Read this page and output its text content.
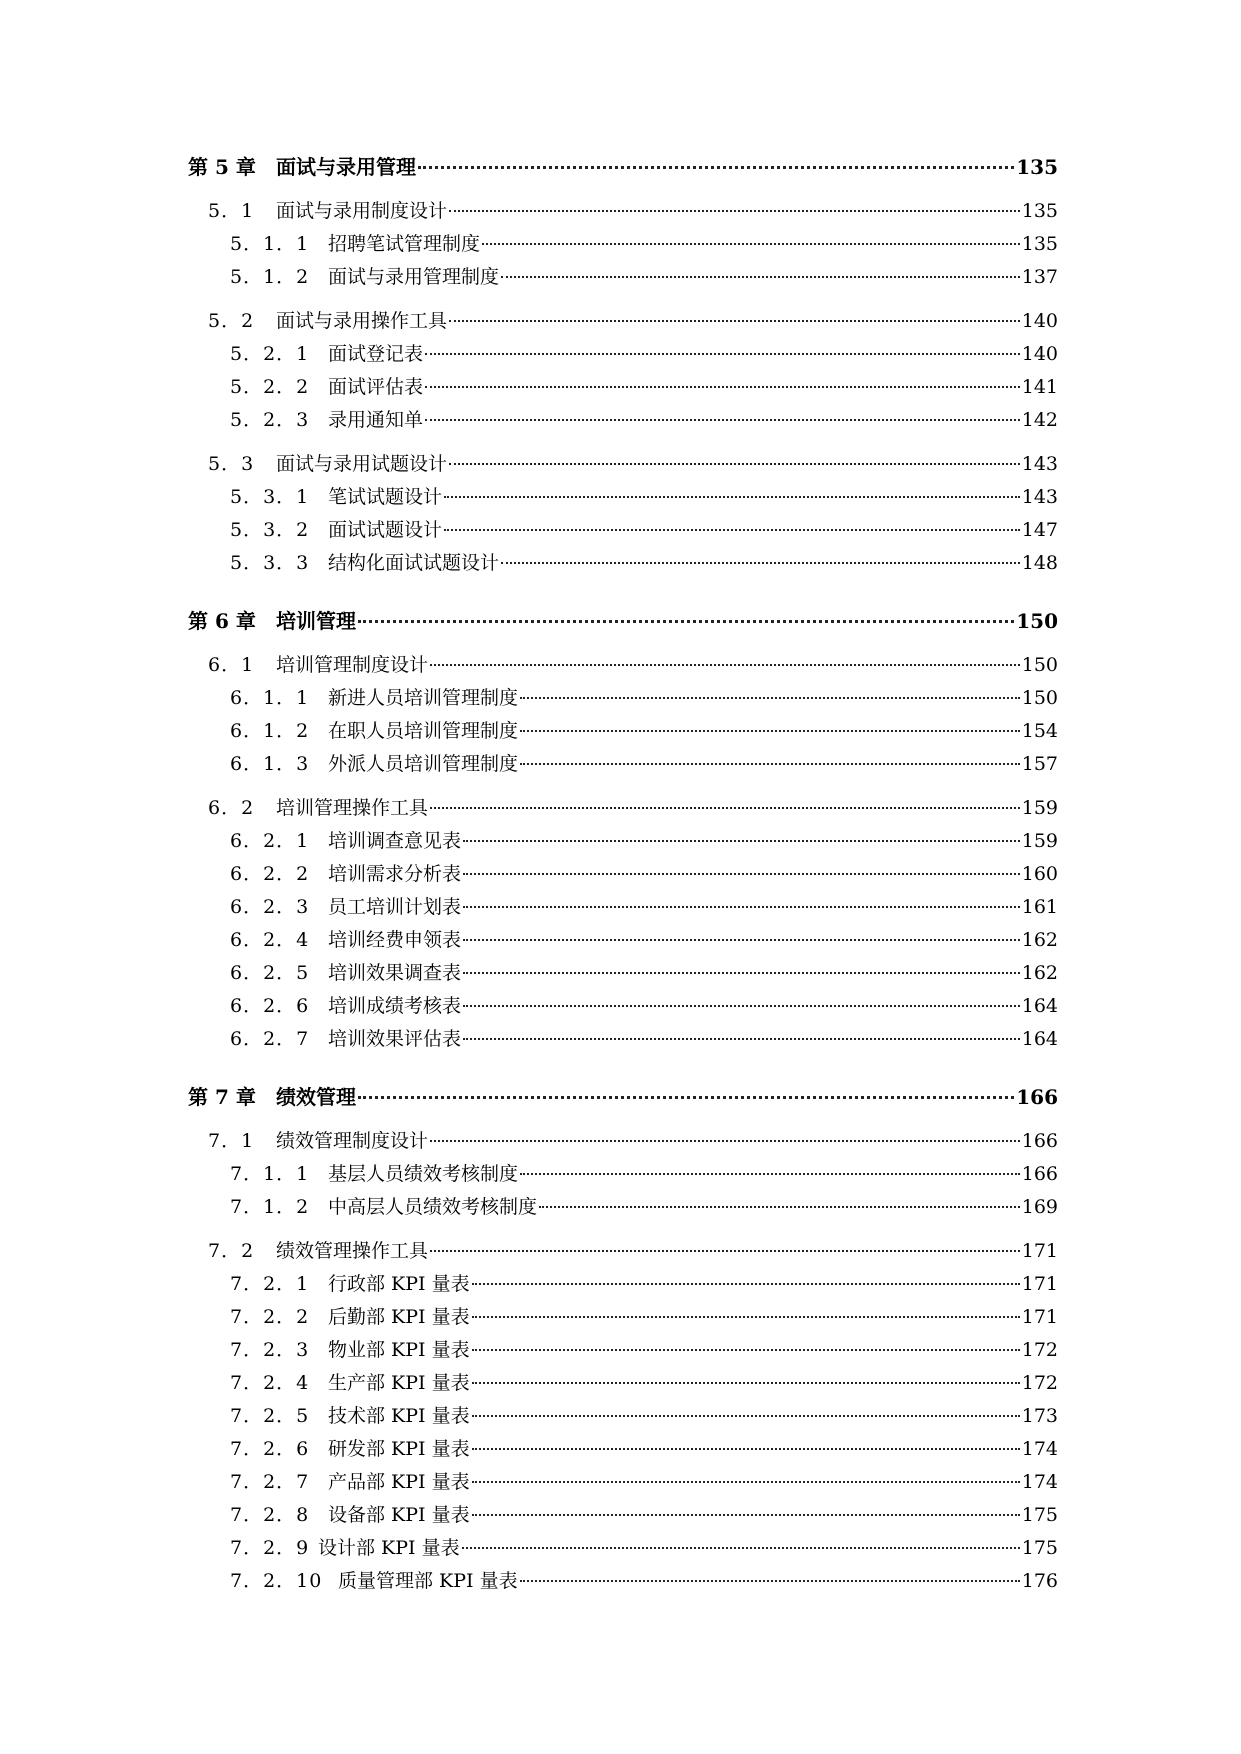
第 5 章	面试与录用管理	135
5．1	面试与录用制度设计	135
5．1．1 招聘笔试管理制度	135
5．1．2 面试与录用管理制度	137
5．2	面试与录用操作工具	140
5．2．1 面试登记表	140
5．2．2 面试评估表	141
5．2．3 录用通知单	142
5．3	面试与录用试题设计	143
5．3．1 笔试试题设计	143
5．3．2 面试试题设计	147
5．3．3 结构化面试试题设计	148
第 6 章	培训管理	150
6．1	培训管理制度设计	150
6．1．1 新进人员培训管理制度	150
6．1．2 在职人员培训管理制度	154
6．1．3 外派人员培训管理制度	157
6．2	培训管理操作工具	159
6．2．1 培训调查意见表	159
6．2．2 培训需求分析表	160
6．2．3 员工培训计划表	161
6．2．4 培训经费申领表	162
6．2．5 培训效果调查表	162
6．2．6 培训成绩考核表	164
6．2．7 培训效果评估表	164
第 7 章	绩效管理	166
7．1	绩效管理制度设计	166
7．1．1 基层人员绩效考核制度	166
7．1．2 中高层人员绩效考核制度	169
7．2	绩效管理操作工具	171
7．2．1 行政部 KPI 量表	171
7．2．2 后勤部 KPI 量表	171
7．2．3 物业部 KPI 量表	172
7．2．4 生产部 KPI 量表	172
7．2．5 技术部 KPI 量表	173
7．2．6 研发部 KPI 量表	174
7．2．7 产品部 KPI 量表	174
7．2．8 设备部 KPI 量表	175
7．2．9 设计部 KPI 量表	175
7．2．10 质量管理部 KPI 量表	176
